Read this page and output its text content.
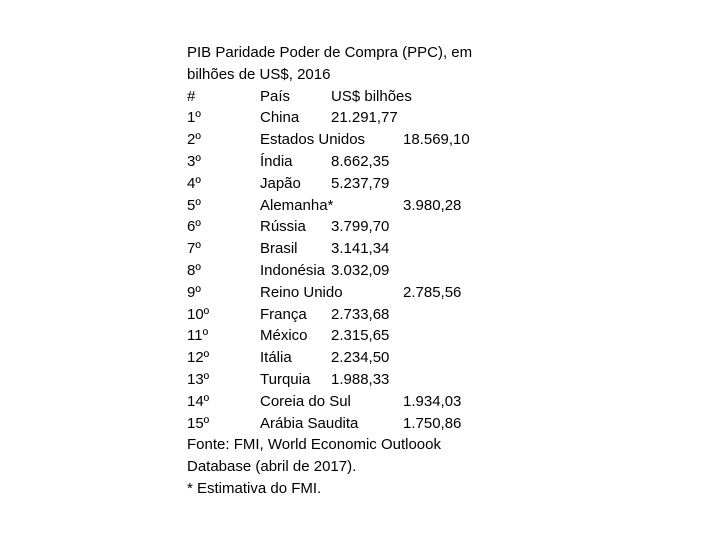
PIB Paridade Poder de Compra (PPC), em
bilhões de US$, 2016
#	País	US$ bilhões
1º	China 21.291,77
2º	Estados Unidos	18.569,10
3º	Índia	8.662,35
4º	Japão 5.237,79
5º	Alemanha*	3.980,28
6º	Rússia 3.799,70
7º	Brasil 3.141,34
8º	Indonésia 3.032,09
9º	Reino Unido	2.785,56
10º	França 2.733,68
11º	México 2.315,65
12º	Itália	2.234,50
13º	Turquia 1.988,33
14º	Coreia do Sul	1.934,03
15º	Arábia Saudita	1.750,86
Fonte: FMI, World Economic Outloook
Database (abril de 2017).
* Estimativa do FMI.
